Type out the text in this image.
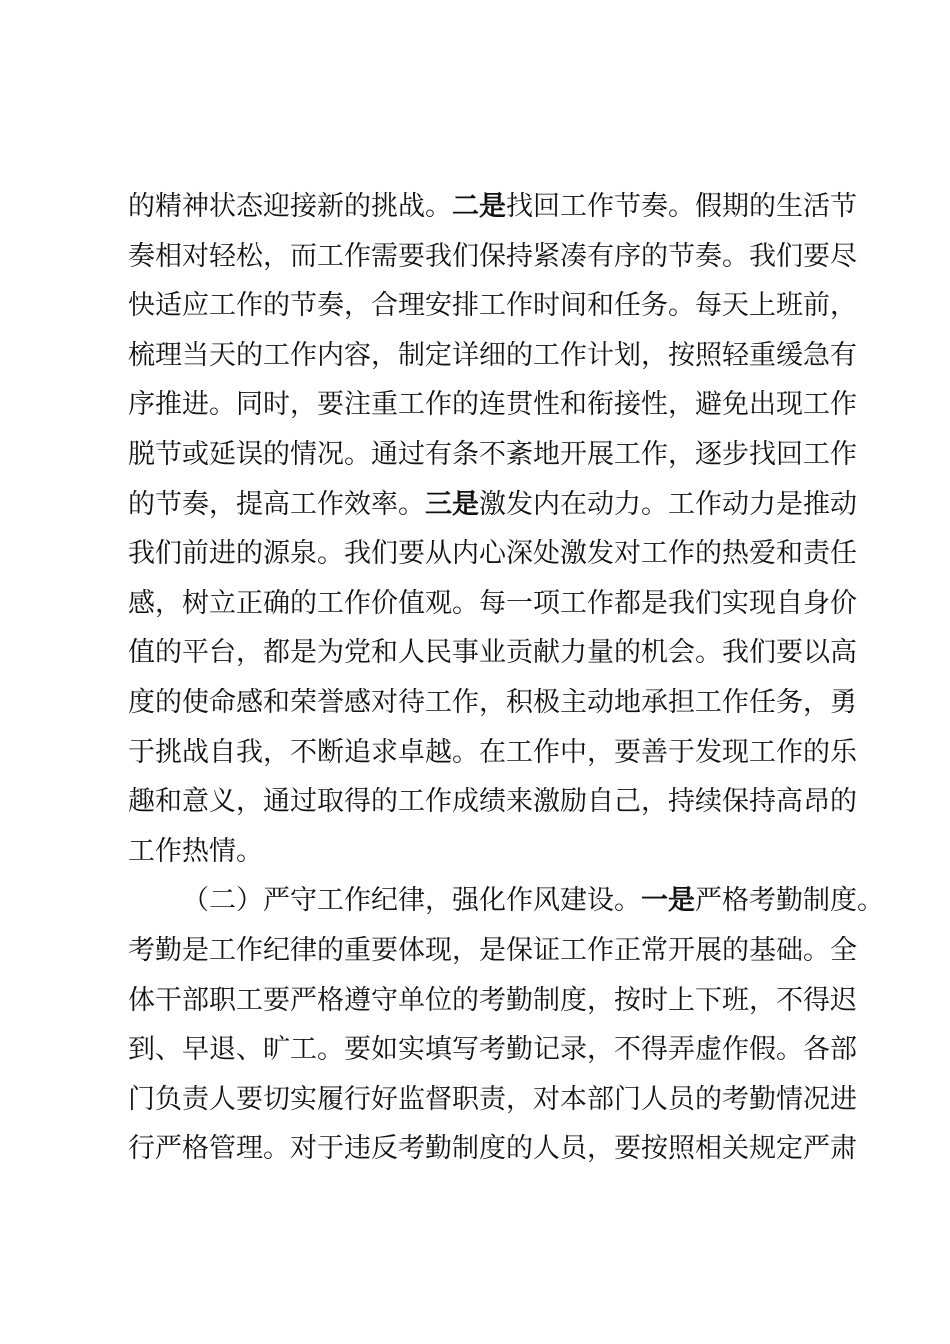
的精神状态迎接新的挑战。二是找回工作节奏。假期的生活节
奏相对轻松，而工作需要我们保持紧凑有序的节奏。我们要尽
快适应工作的节奏，合理安排工作时间和任务。每天上班前，
梳理当天的工作内容，制定详细的工作计划，按照轻重缓急有
序推进。同时，要注重工作的连贯性和衔接性，避免出现工作
脱节或延误的情况。通过有条不紊地开展工作，逐步找回工作
的节奏，提高工作效率。三是激发内在动力。工作动力是推动
我们前进的源泉。我们要从内心深处激发对工作的热爱和责任
感，树立正确的工作价值观。每一项工作都是我们实现自身价
值的平台，都是为党和人民事业贡献力量的机会。我们要以高
度的使命感和荣誉感对待工作，积极主动地承担工作任务，勇
于挑战自我，不断追求卓越。在工作中，要善于发现工作的乐
趣和意义，通过取得的工作成绩来激励自己，持续保持高昂的
工作热情。
（二）严守工作纪律，强化作风建设。一是严格考勤制度。
考勤是工作纪律的重要体现，是保证工作正常开展的基础。全
体干部职工要严格遵守单位的考勤制度，按时上下班，不得迟
到、早退、旷工。要如实填写考勤记录，不得弄虚作假。各部
门负责人要切实履行好监督职责，对本部门人员的考勤情况进
行严格管理。对于违反考勤制度的人员，要按照相关规定严肃
